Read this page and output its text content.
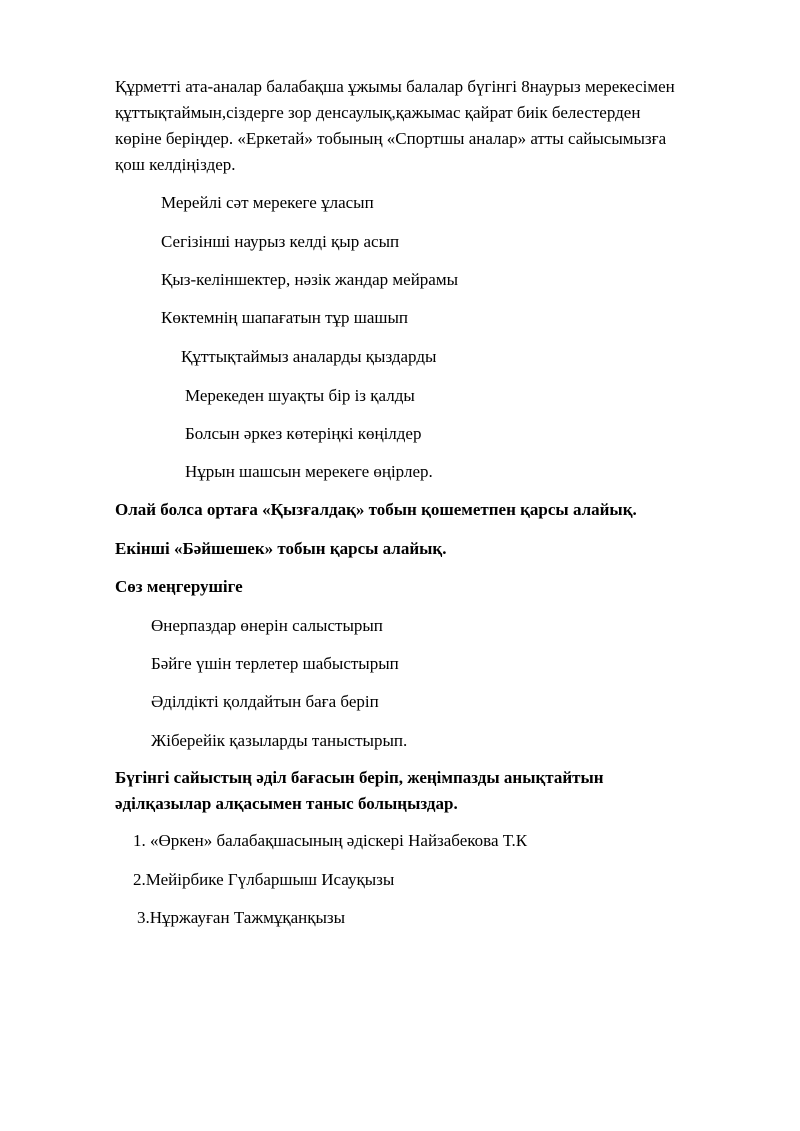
Құрметті ата-аналар балабақша ұжымы балалар бүгінгі 8наурыз мерекесімен
құттықтаймын,сіздерге зор денсаулық,қажымас қайрат биік белестерден
көріне беріңдер. «Еркетай» тобының «Спортшы аналар» атты сайысымызға
қош келдіңіздер.
Мерейлі сәт мерекеге ұласып
Сегізінші наурыз келді қыр асып
Қыз-келіншектер, нәзік жандар мейрамы
Көктемнің шапағатын тұр шашып
Құттықтаймыз аналарды қыздарды
Мерекеден шуақты бір із қалды
Болсын әркез көтеріңкі көңілдер
Нұрын шашсын мерекеге өңірлер.
Олай болса ортаға «Қызғалдақ» тобын қошеметпен қарсы алайық.
Екінші «Бәйшешек» тобын қарсы алайық.
Сөз меңгерушіге
Өнерпаздар өнерін салыстырып
Бәйге үшін терлетер шабыстырып
Әділдікті қолдайтын баға беріп
Жіберейік қазыларды таныстырып.
Бүгінгі сайыстың әділ бағасын беріп, жеңімпазды анықтайтын
әділқазылар алқасымен таныс болыңыздар.
1. «Өркен» балабақшасының әдіскері Найзабекова Т.К
2.Мейірбике Гүлбаршыш Исауқызы
3.Нұржауған Тажмұқанқызы
